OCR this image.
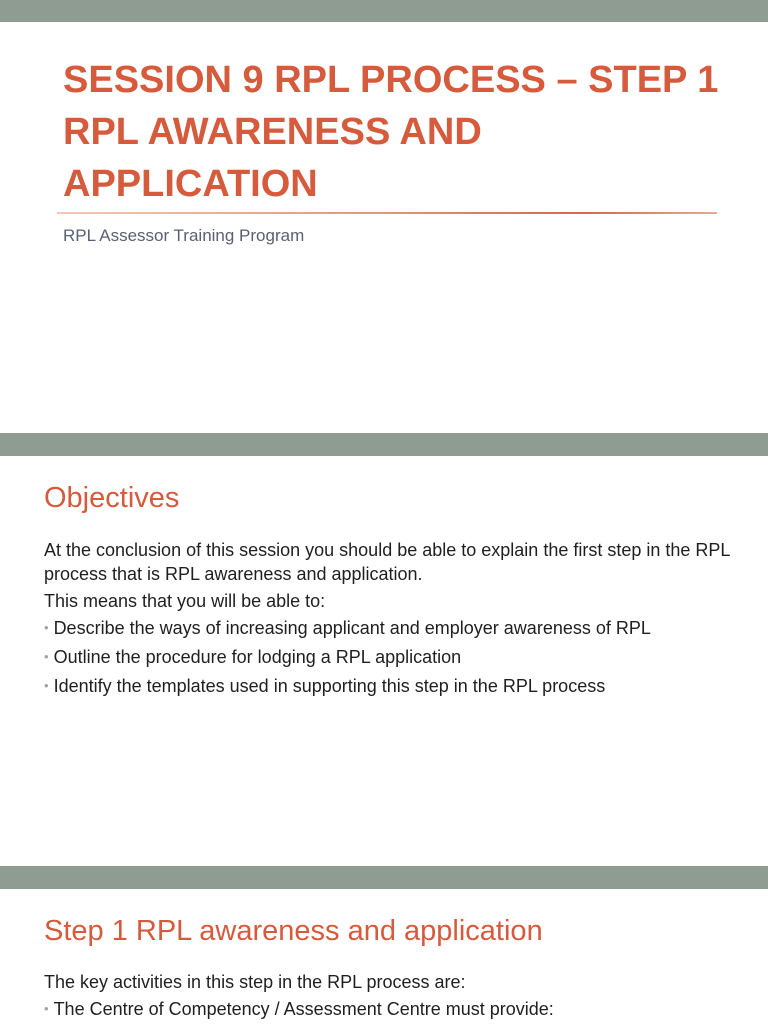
SESSION 9 RPL PROCESS – STEP 1 RPL AWARENESS AND APPLICATION

RPL Assessor Training Program

Objectives

At the conclusion of this session you should be able to explain the first step in the RPL process that is RPL awareness and application.

This means that you will be able to:

• Describe the ways of increasing applicant and employer awareness of RPL
• Outline the procedure for lodging a RPL application
• Identify the templates used in supporting this step in the RPL process
Step 1 RPL awareness and application

The key activities in this step in the RPL process are:

• The Centre of Competency / Assessment Centre must provide:
